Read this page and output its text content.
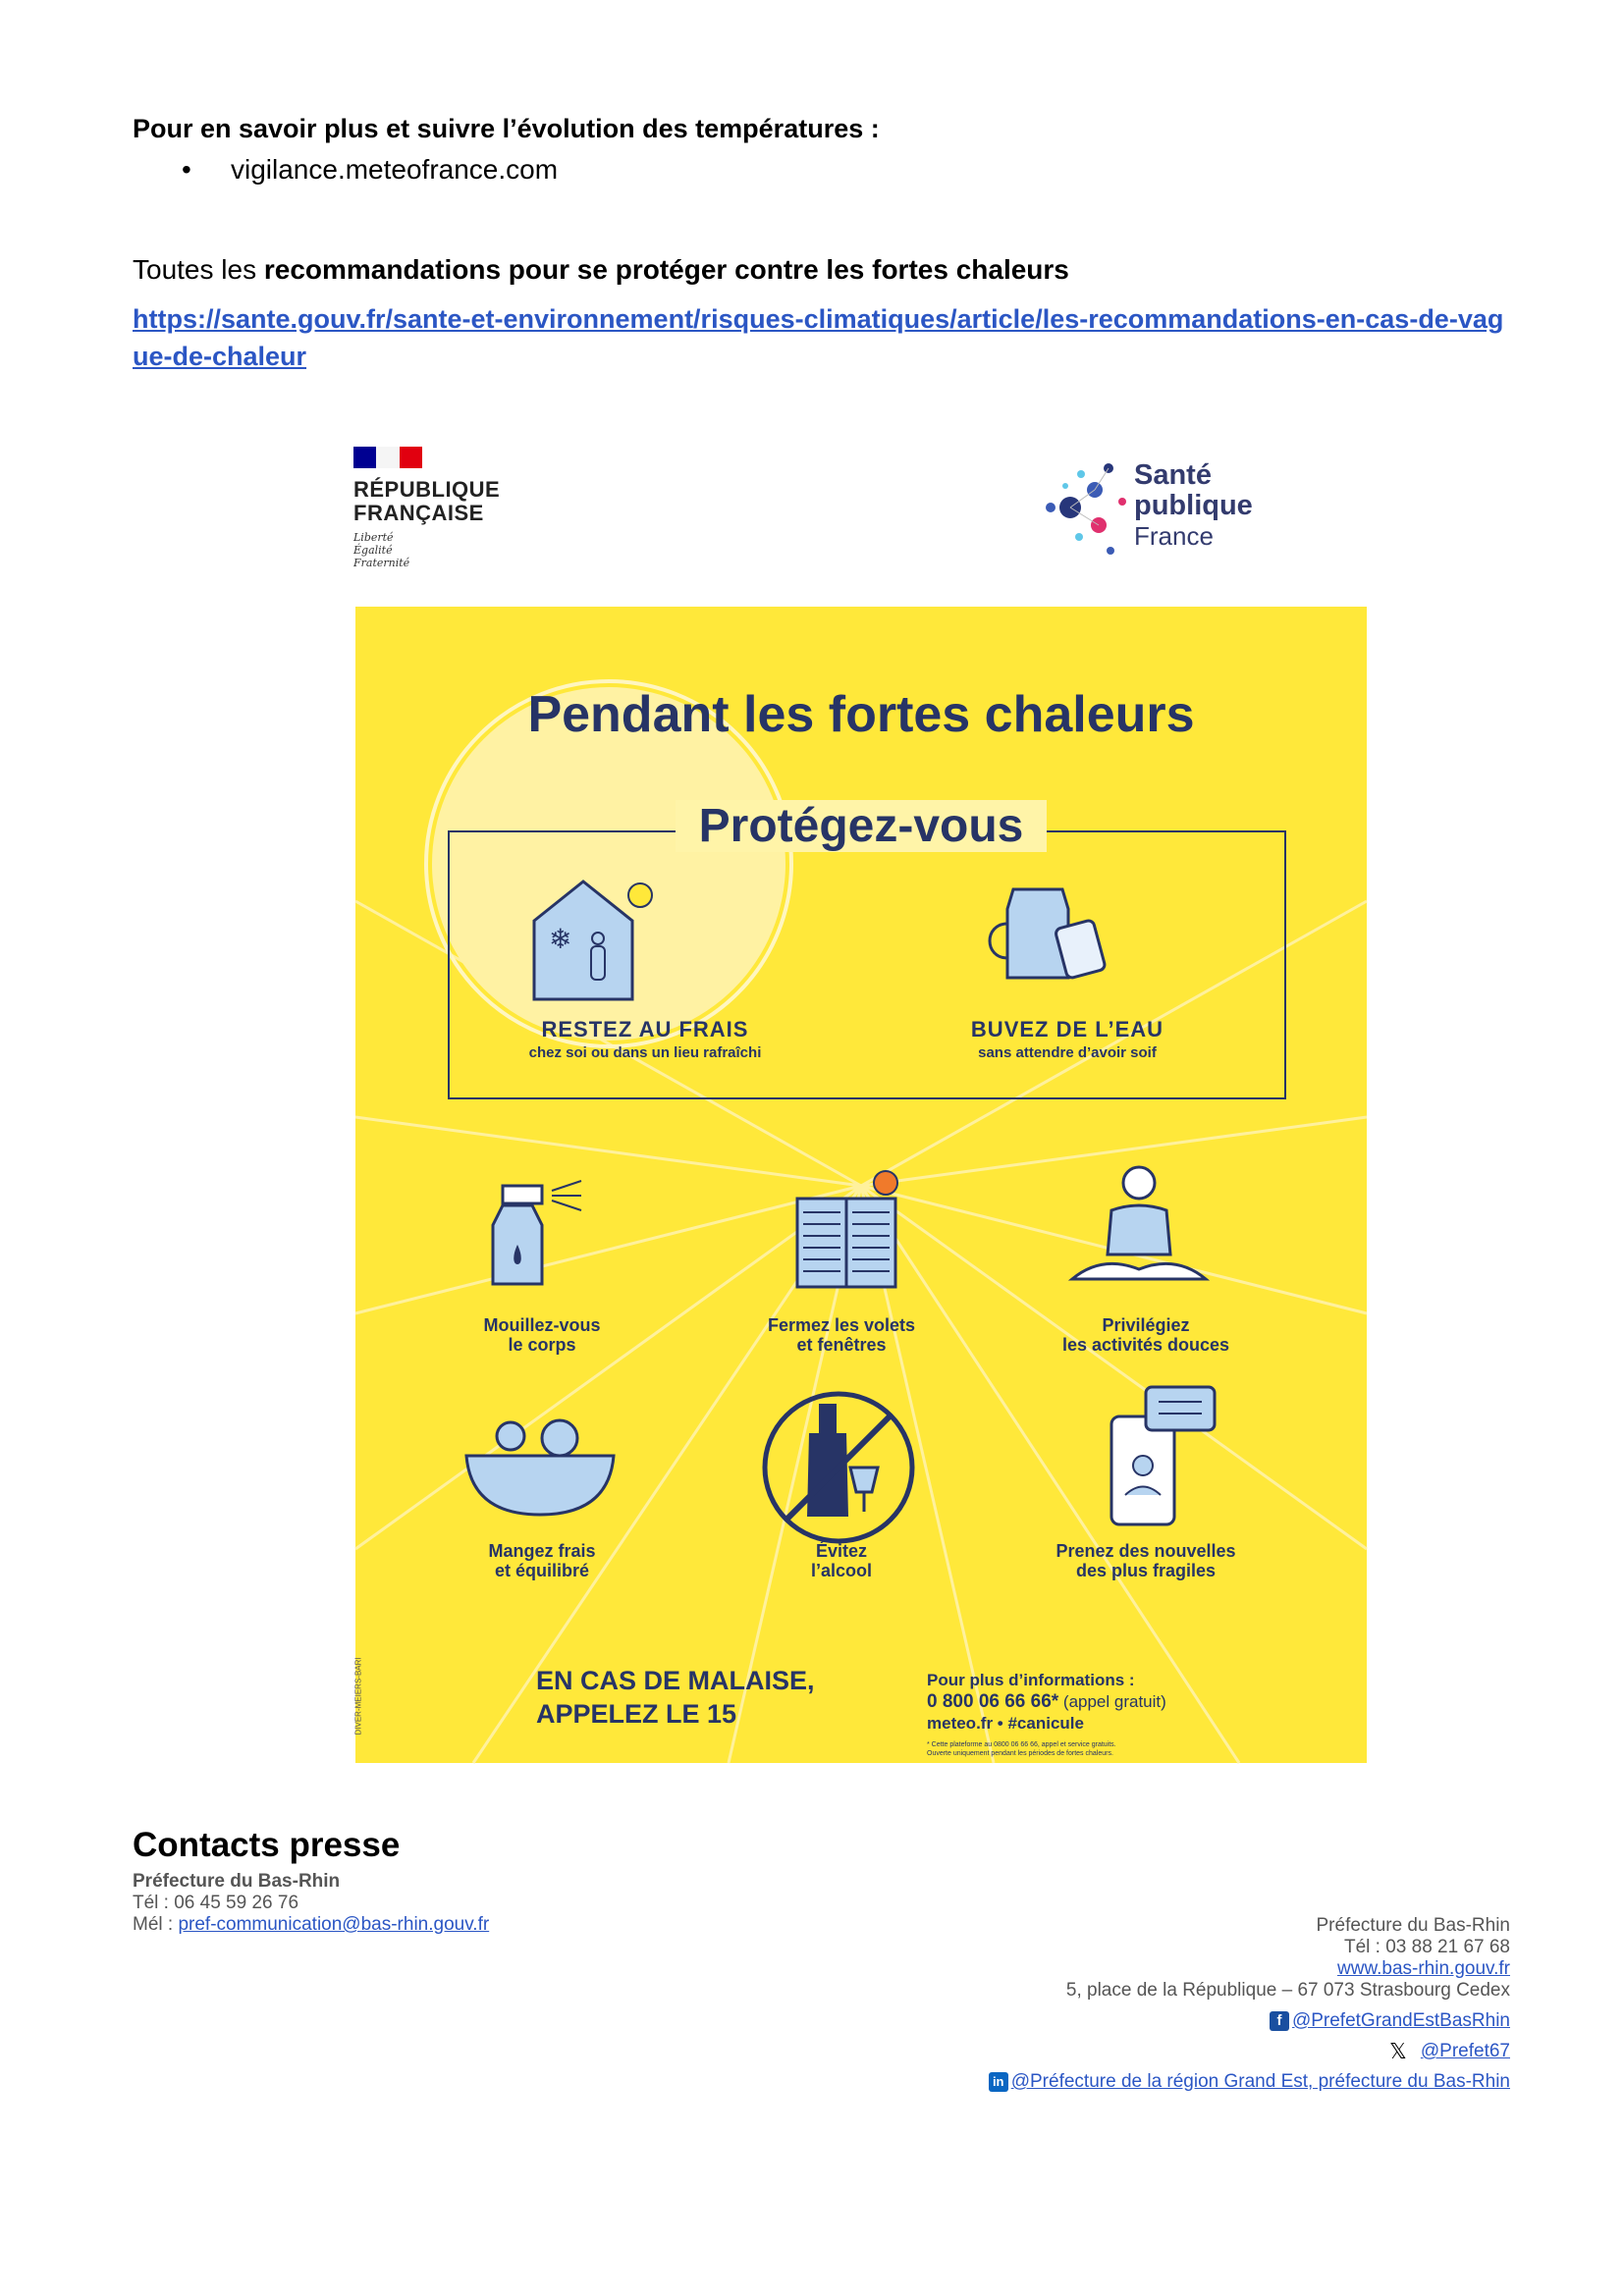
Pour en savoir plus et suivre l’évolution des températures :
• vigilance.meteofrance.com
Toutes les recommandations pour se protéger contre les fortes chaleurs
https://sante.gouv.fr/sante-et-environnement/risques-climatiques/article/les-recommandations-en-cas-de-vague-de-chaleur
RÉPUBLIQUE
FRANÇAISE
Liberté
Égalité
Fraternité
Santé
publique
France
Pendant les fortes chaleurs
Protégez-vous
❄
RESTEZ AU FRAIS
chez soi ou dans un lieu rafraîchi
BUVEZ DE L’EAU
sans attendre d’avoir soif
Mouillez-vous
le corps
Fermez les volets
et fenêtres
Privilégiez
les activités douces
Mangez frais
et équilibré
Évitez
l’alcool
Prenez des nouvelles
des plus fragiles
DIVER-MEIERS-BARI	EN CAS DE MALAISE,
APPELEZ LE 15
Pour plus d’informations :
0 800 06 66 66* (appel gratuit)
meteo.fr • #canicule
* Cette plateforme au 0800 06 66 66, appel et service gratuits.
Ouverte uniquement pendant les périodes de fortes chaleurs.
Contacts presse
Préfecture du Bas-Rhin
Tél : 06 45 59 26 76
Mél : pref-communication@bas-rhin.gouv.fr	Préfecture du Bas-Rhin
Tél : 03 88 21 67 68
www.bas-rhin.gouv.fr
5, place de la République – 67 073 Strasbourg Cedex
f @PrefetGrandEstBasRhin
𝕏 @Prefet67
in @Préfecture de la région Grand Est, préfecture du Bas-Rhin
